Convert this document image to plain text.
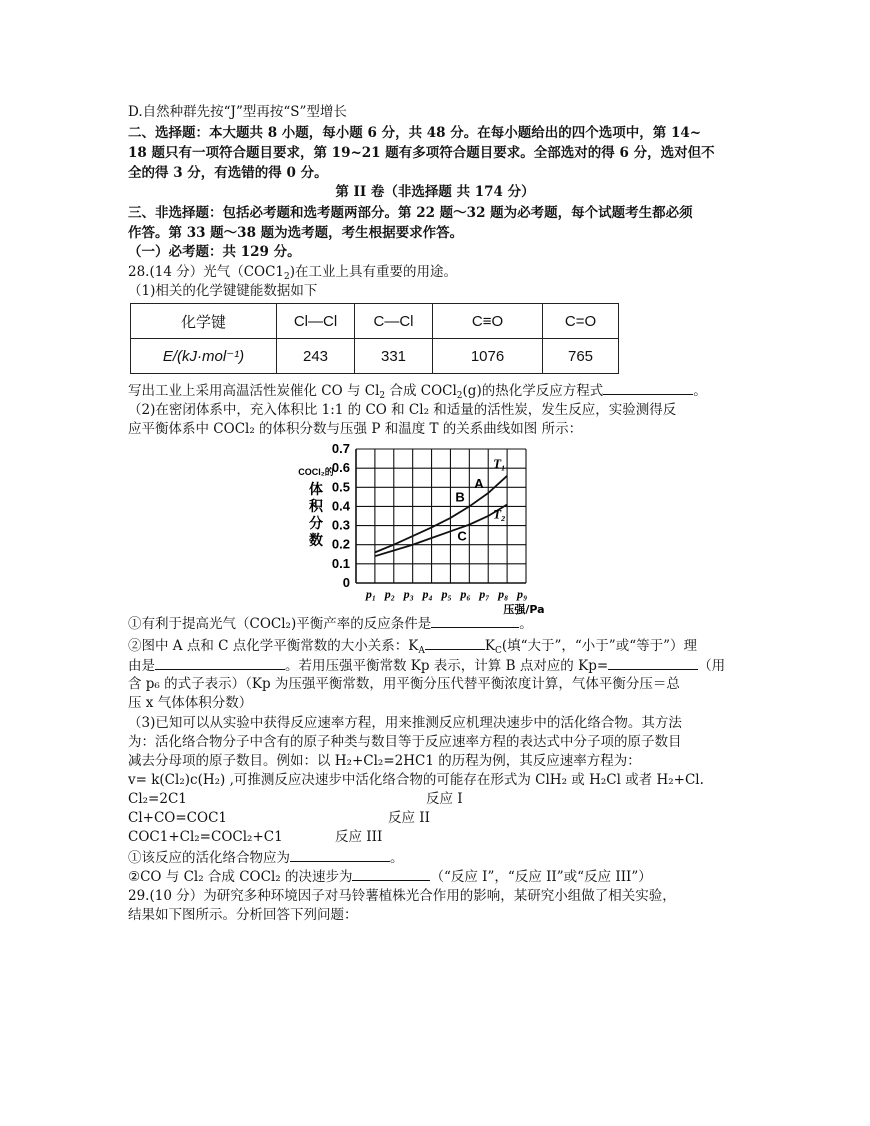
D.自然种群先按“J”型再按“S”型增长
二、选择题：本大题共 8 小题，每小题 6 分，共 48 分。在每小题给出的四个选项中，第 14~
18 题只有一项符合题目要求，第 19~21 题有多项符合题目要求。全部选对的得 6 分，选对但不
全的得 3 分，有选错的得 0 分。
第 II 卷（非选择题 共 174 分）
三、非选择题：包括必考题和选考题两部分。第 22 题～32 题为必考题，每个试题考生都必须
作答。第 33 题～38 题为选考题，考生根据要求作答。
（一）必考题：共 129 分。
28.(14 分）光气$(COC1_2)$在工业上具有重要的用途。
（1)相关的化学键键能数据如下
化学键	Cl—Cl	C—Cl	C≡O	C=O
E/(kJ·mol⁻¹)	243	331	1076	765
写出工业上采用高温活性炭催化 CO 与 $Cl_2$ 合成 COCl$_2$(g)的热化学反应方程式	。
（2)在密闭体系中，充入体积比 1:1 的 CO 和 Cl₂ 和适量的活性炭，发生反应，实验测得反
应平衡体系中 COCl₂ 的体积分数与压强 P 和温度 T 的关系曲线如图 所示：
0
0.1
0.2
0.3
0.4
0.5
0.6
0.7
p₁ p₂ p₃ p₄ p₅ p₆ p₇ p₈ p₉
压强/Pa
COCl₂的
体
积
分
数
T₁
T₂
A
B
C
①有利于提高光气（COCl₂)平衡产率的反应条件是	。
②图中 A 点和 C 点化学平衡常数的大小关系：$K_A$	$K_C$(填“大于”，“小于”或“等于”）理
由是	。若用压强平衡常数 Kp 表示，计算 B 点对应的 Kp=	（用
含 p₆ 的式子表示）（Kp 为压强平衡常数，用平衡分压代替平衡浓度计算，气体平衡分压＝总
压 x 气体体积分数）
（3)已知可以从实验中获得反应速率方程，用来推测反应机理决速步中的活化络合物。其方法
为：活化络合物分子中含有的原子种类与数目等于反应速率方程的表达式中分子项的原子数目
减去分母项的原子数目。例如：以 H₂+Cl₂=2HC1 的历程为例，其反应速率方程为：
v= k(Cl₂)c(H₂) ,可推测反应决速步中活化络合物的可能存在形式为 ClH₂ 或 H₂Cl 或者 H₂+Cl.
Cl₂=2C1	反应 I
Cl+CO=COC1	反应 II
COC1+Cl₂=COCl₂+C1	反应 III
①该反应的活化络合物应为	。
②CO 与 Cl₂ 合成 COCl₂ 的决速步为	（“反应 I”，“反应 II”或“反应 III”）
29.(10 分）为研究多种环境因子对马铃薯植株光合作用的影响，某研究小组做了相关实验，
结果如下图所示。分析回答下列问题：
